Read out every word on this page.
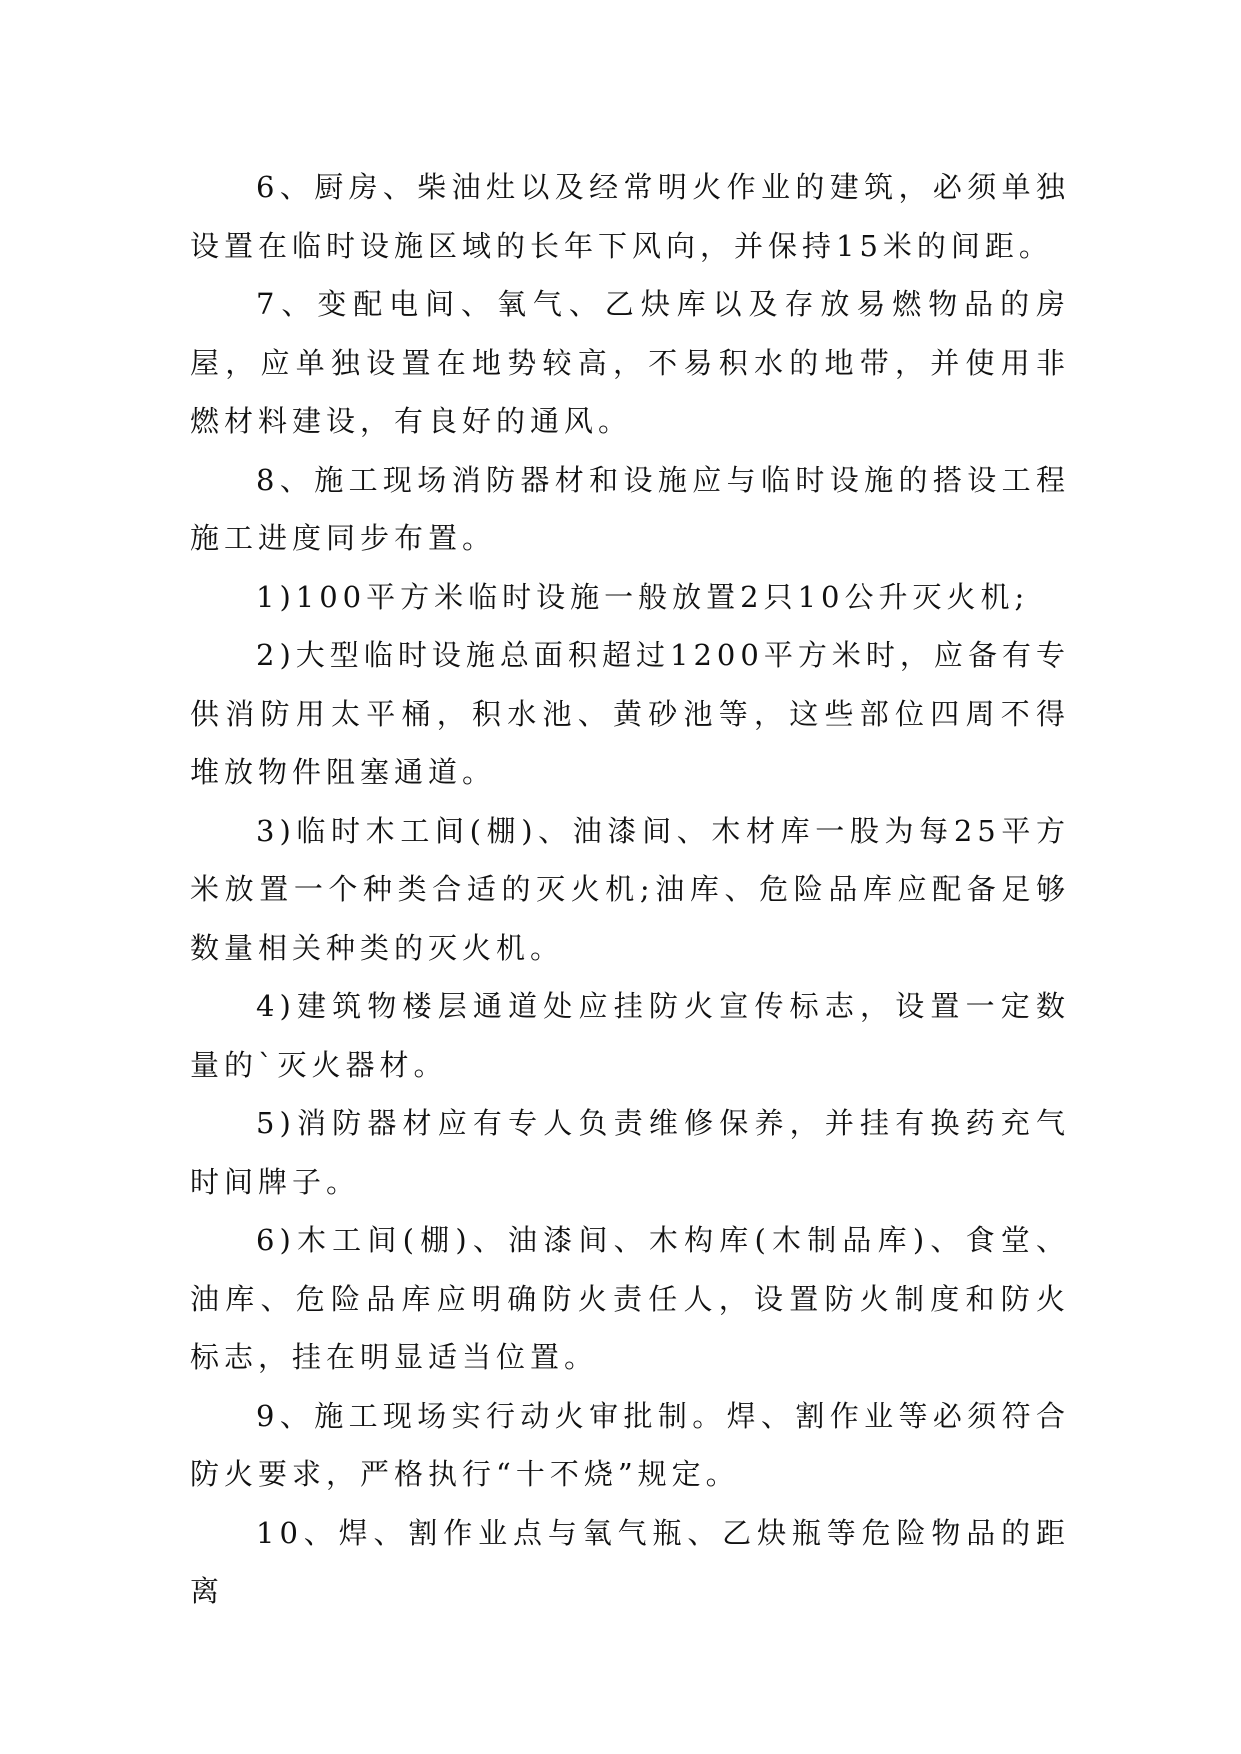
6、厨房、柴油灶以及经常明火作业的建筑，必须单独设置在临时设施区域的长年下风向，并保持15米的间距。

7、变配电间、氧气、乙炔库以及存放易燃物品的房屋，应单独设置在地势较高，不易积水的地带，并使用非燃材料建设，有良好的通风。

8、施工现场消防器材和设施应与临时设施的搭设工程施工进度同步布置。

1)100平方米临时设施一般放置2只10公升灭火机;

2)大型临时设施总面积超过1200平方米时，应备有专供消防用太平桶，积水池、黄砂池等，这些部位四周不得堆放物件阻塞通道。

3)临时木工间(棚)、油漆间、木材库一股为每25平方米放置一个种类合适的灭火机;油库、危险品库应配备足够数量相关种类的灭火机。

4)建筑物楼层通道处应挂防火宣传标志，设置一定数量的`灭火器材。

5)消防器材应有专人负责维修保养，并挂有换药充气时间牌子。

6)木工间(棚)、油漆间、木构库(木制品库)、食堂、油库、危险品库应明确防火责任人，设置防火制度和防火标志，挂在明显适当位置。

9、施工现场实行动火审批制。焊、割作业等必须符合防火要求，严格执行“十不烧”规定。

10、焊、割作业点与氧气瓶、乙炔瓶等危险物品的距离
